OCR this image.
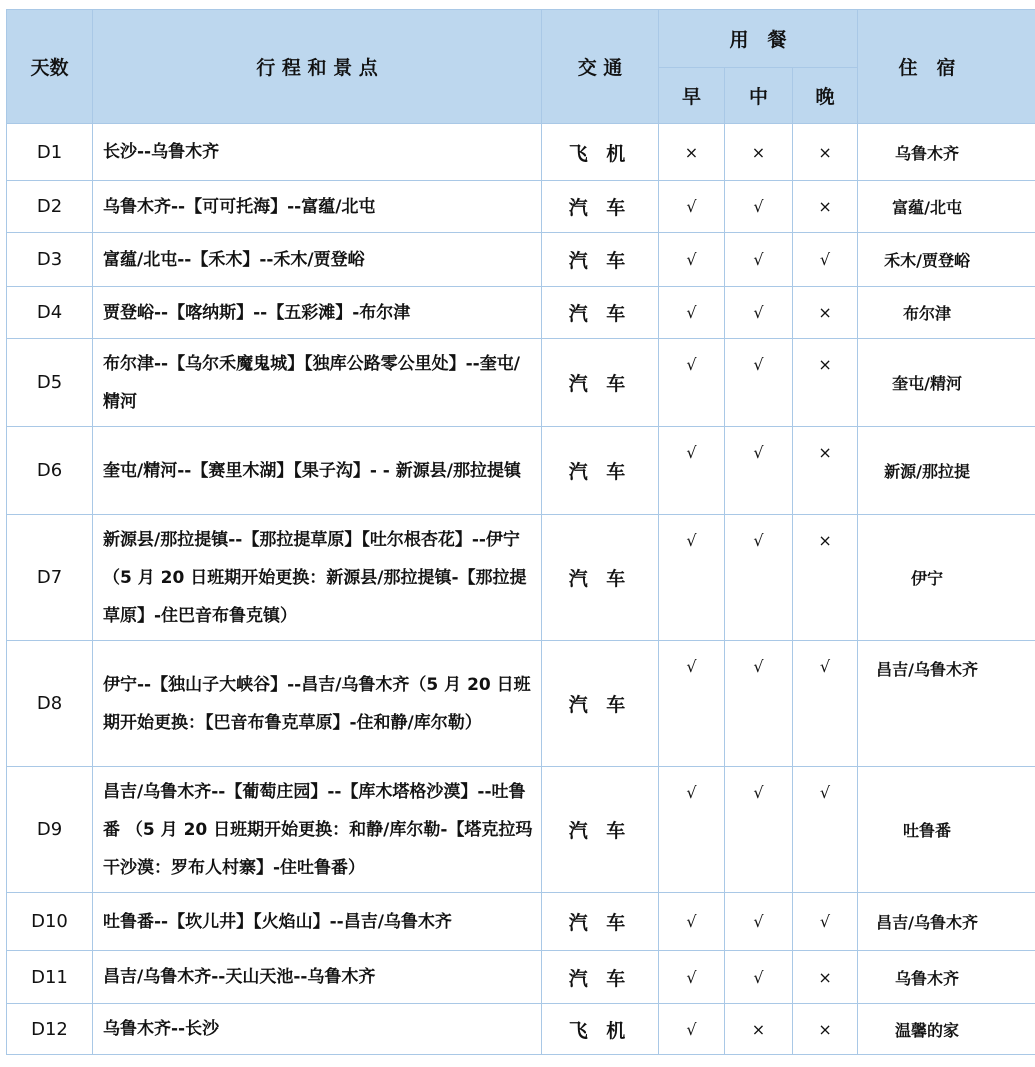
天数	行 程 和 景 点	交 通	用　餐			住　宿
			早	中	晚	
D1	长沙--乌鲁木齐	飞 机	×	×	×	乌鲁木齐
D2	乌鲁木齐--【可可托海】--富蕴/北屯	汽 车	√	√	×	富蕴/北屯
D3	富蕴/北屯--【禾木】--禾木/贾登峪	汽 车	√	√	√	禾木/贾登峪
D4	贾登峪--【喀纳斯】--【五彩滩】-布尔津	汽 车	√	√	×	布尔津
D5	布尔津--【乌尔禾魔鬼城】【独库公路零公里处】--奎屯/精河	汽 车	√	√	×	奎屯/精河
D6	奎屯/精河--【赛里木湖】【果子沟】- - 新源县/那拉提镇	汽 车	√	√	×	新源/那拉提
D7	新源县/那拉提镇--【那拉提草原】【吐尔根杏花】--伊宁（5 月 20 日班期开始更换：新源县/那拉提镇-【那拉提草原】-住巴音布鲁克镇）	汽 车	√	√	×	伊宁
D8	伊宁--【独山子大峡谷】--昌吉/乌鲁木齐（5 月 20 日班期开始更换：【巴音布鲁克草原】-住和静/库尔勒）	汽 车	√	√	√	昌吉/乌鲁木齐
D9	昌吉/乌鲁木齐--【葡萄庄园】--【库木塔格沙漠】--吐鲁番 （5 月 20 日班期开始更换：和静/库尔勒-【塔克拉玛干沙漠：罗布人村寨】-住吐鲁番）	汽 车	√	√	√	吐鲁番
D10	吐鲁番--【坎儿井】【火焰山】--昌吉/乌鲁木齐	汽 车	√	√	√	昌吉/乌鲁木齐
D11	昌吉/乌鲁木齐--天山天池--乌鲁木齐	汽 车	√	√	×	乌鲁木齐
D12	乌鲁木齐--长沙	飞 机	√	×	×	温馨的家
